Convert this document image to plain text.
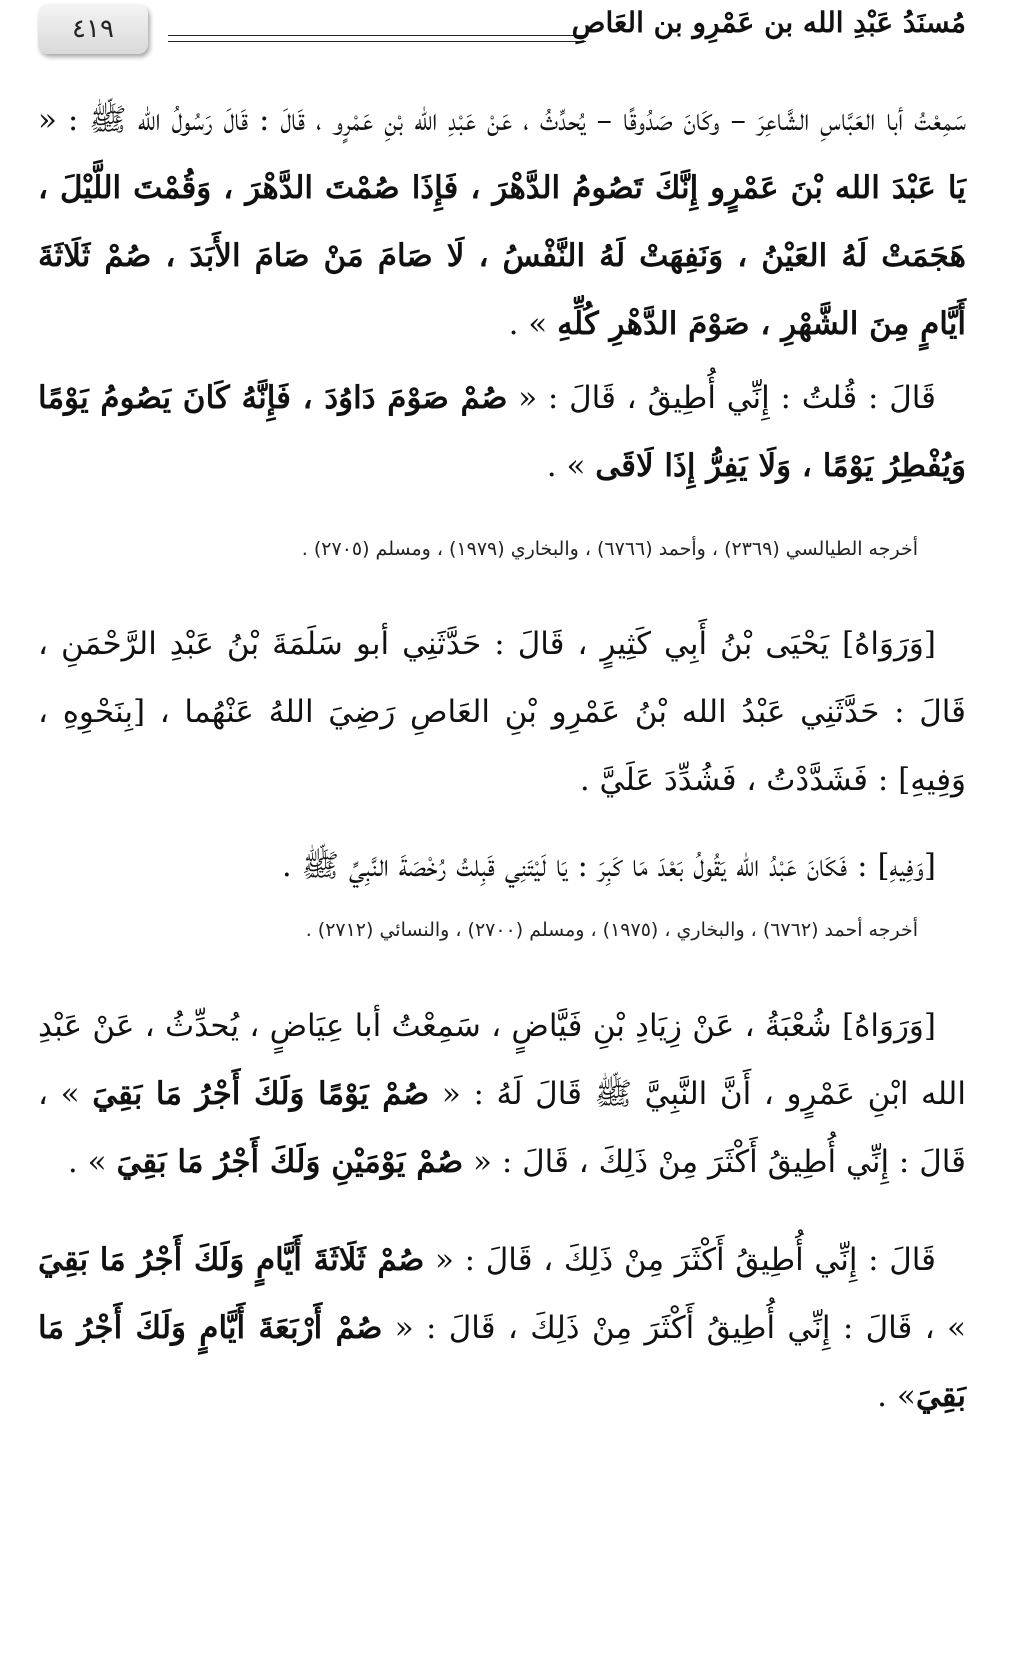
٤١٩	مُسنَدُ عَبْدِ الله بن عَمْرِو بن العَاصِ

سَمِعْتُ أبا العَبَّاسِ الشَّاعِرَ – وكَانَ صَدُوقًا – يُحدِّثُ ، عَنْ عَبْدِ الله بْنِ عَمْرٍو ، قَالَ : قَالَ رَسُولُ الله ﷺ : « يَا عَبْدَ الله بْنَ عَمْرٍو إِنَّكَ تَصُومُ الدَّهْرَ ، فَإِذَا صُمْتَ الدَّهْرَ ، وَقُمْتَ اللَّيْلَ ، هَجَمَتْ لَهُ العَيْنُ ، وَنَفِهَتْ لَهُ النَّفْسُ ، لَا صَامَ مَنْ صَامَ الأَبَدَ ، صُمْ ثَلَاثَةَ أَيَّامٍ مِنَ الشَّهْرِ ، صَوْمَ الدَّهْرِ كُلِّهِ » .

قَالَ : قُلتُ : إِنِّي أُطِيقُ ، قَالَ : « صُمْ صَوْمَ دَاوُدَ ، فَإِنَّهُ كَانَ يَصُومُ يَوْمًا وَيُفْطِرُ يَوْمًا ، وَلَا يَفِرُّ إِذَا لَاقَى » .

أخرجه الطيالسي (٢٣٦٩) ، وأحمد (٦٧٦٦) ، والبخاري (١٩٧٩) ، ومسلم (٢٧٠٥) .

[وَرَوَاهُ] يَحْيَى بْنُ أَبِي كَثِيرٍ ، قَالَ : حَدَّثَنِي أبو سَلَمَةَ بْنُ عَبْدِ الرَّحْمَنِ ، قَالَ : حَدَّثَنِي عَبْدُ الله بْنُ عَمْرِو بْنِ العَاصِ رَضِيَ اللهُ عَنْهُما ، [بِنَحْوِهِ ، وَفِيهِ] : فَشَدَّدْتُ ، فَشُدِّدَ عَلَيَّ .

[وَفِيهِ] : فَكَانَ عَبْدُ الله يَقُولُ بَعْدَ مَا كَبِرَ : يَا لَيْتَنِي قَبِلتُ رُخْصَةَ النَّبِيِّ ﷺ .

أخرجه أحمد (٦٧٦٢) ، والبخاري ، (١٩٧٥) ، ومسلم (٢٧٠٠) ، والنسائي (٢٧١٢) .

[وَرَوَاهُ] شُعْبَةُ ، عَنْ زِيَادِ بْنِ فَيَّاضٍ ، سَمِعْتُ أبا عِيَاضٍ ، يُحدِّثُ ، عَنْ عَبْدِ الله ابْنِ عَمْرٍو ، أَنَّ النَّبِيَّ ﷺ قَالَ لَهُ : « صُمْ يَوْمًا وَلَكَ أَجْرُ مَا بَقِيَ » ، قَالَ : إِنِّي أُطِيقُ أَكْثَرَ مِنْ ذَلِكَ ، قَالَ : « صُمْ يَوْمَيْنِ وَلَكَ أَجْرُ مَا بَقِيَ » .

قَالَ : إِنِّي أُطِيقُ أَكْثَرَ مِنْ ذَلِكَ ، قَالَ : « صُمْ ثَلَاثَةَ أَيَّامٍ وَلَكَ أَجْرُ مَا بَقِيَ » ، قَالَ : إِنِّي أُطِيقُ أَكْثَرَ مِنْ ذَلِكَ ، قَالَ : « صُمْ أَرْبَعَةَ أَيَّامٍ وَلَكَ أَجْرُ مَا بَقِيَ» .
